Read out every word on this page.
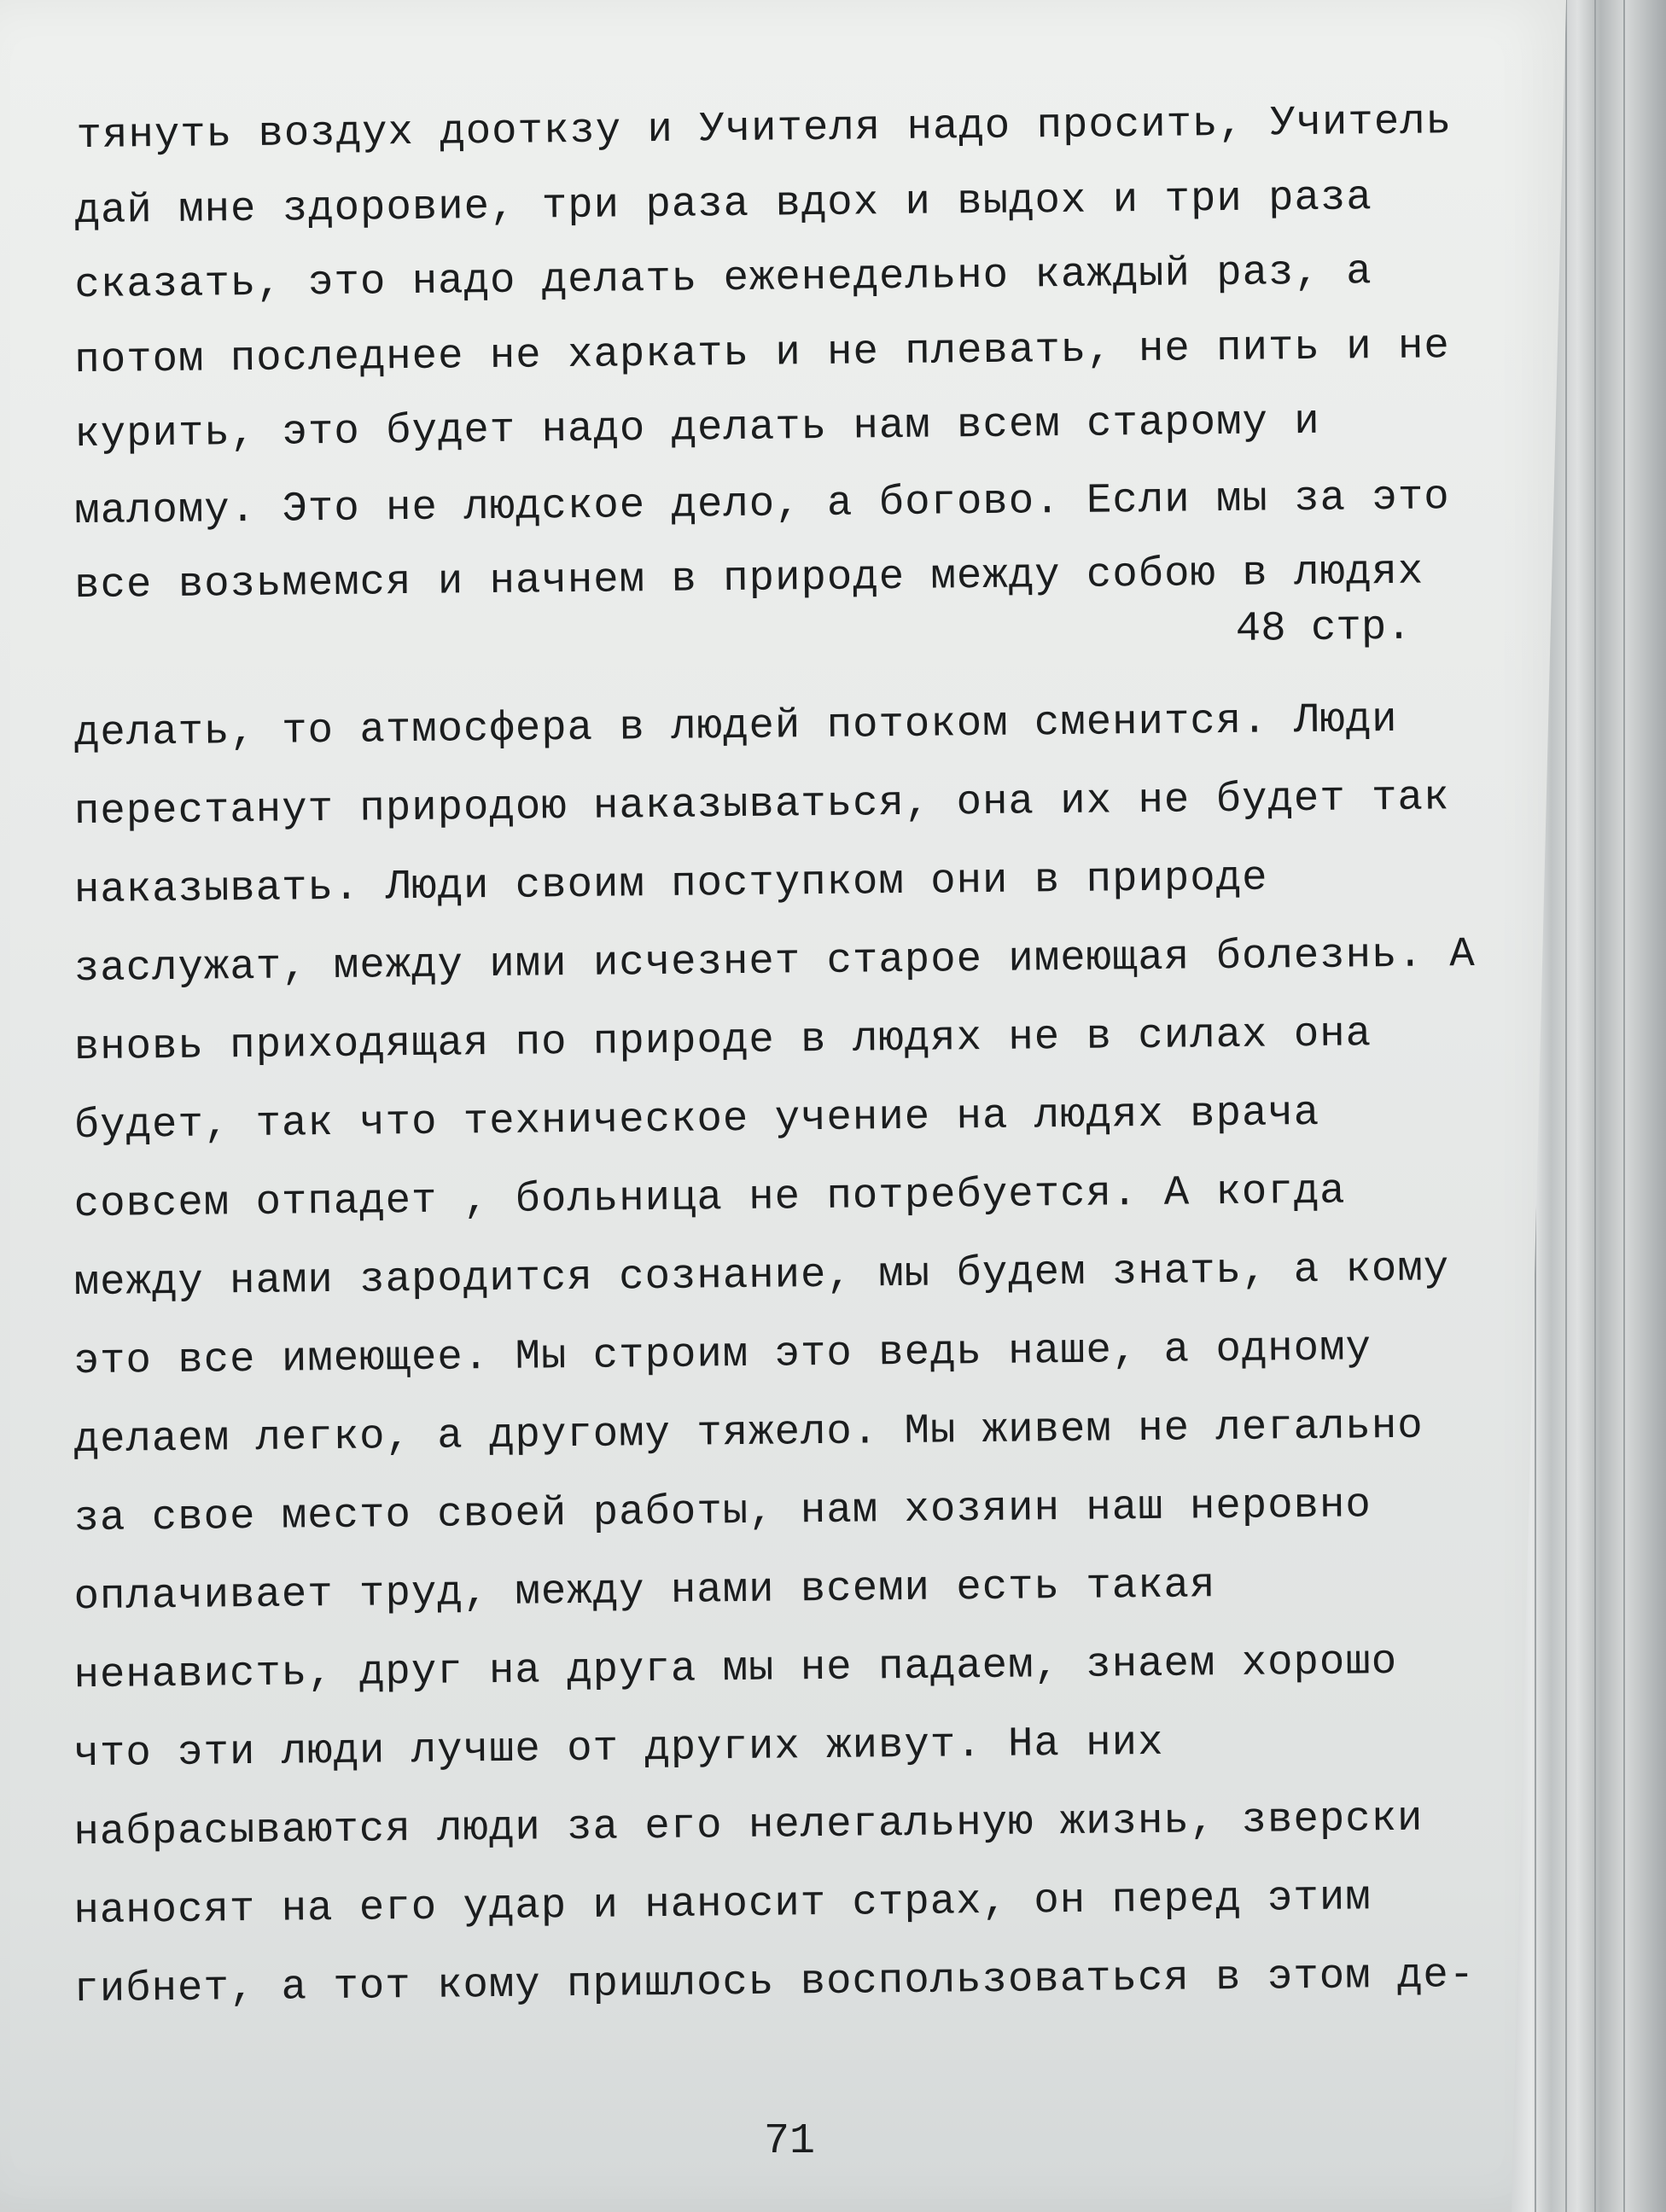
тянуть воздух дооткзу и Учителя надо просить, Учитель
дай мне здоровие, три раза вдох и выдох и три раза
сказать, это надо делать еженедельно каждый раз, а
потом последнее не харкать и не плевать, не пить и не
курить, это будет надо делать нам всем старому и
малому. Это не людское дело, а богово. Если мы за это
все возьмемся и начнем в природе между собою в людях
48 стр.
делать, то атмосфера в людей потоком сменится. Люди
перестанут природою наказываться, она их не будет так
наказывать. Люди своим поступком они в природе
заслужат, между ими исчезнет старое имеющая болезнь. А
вновь приходящая по природе в людях не в силах она
будет, так что техническое учение на людях врача
совсем отпадет , больница не потребуется. А когда
между нами зародится сознание, мы будем знать, а кому
это все имеющее. Мы строим это ведь наше, а одному
делаем легко, а другому тяжело. Мы живем не легально
за свое место своей работы, нам хозяин наш неровно
оплачивает труд, между нами всеми есть такая
ненависть, друг на друга мы не падаем, знаем хорошо
что эти люди лучше от других живут. На них
набрасываются люди за его нелегальную жизнь, зверски
наносят на его удар и наносит страх, он перед этим
гибнет, а тот кому пришлось воспользоваться в этом де-
71
